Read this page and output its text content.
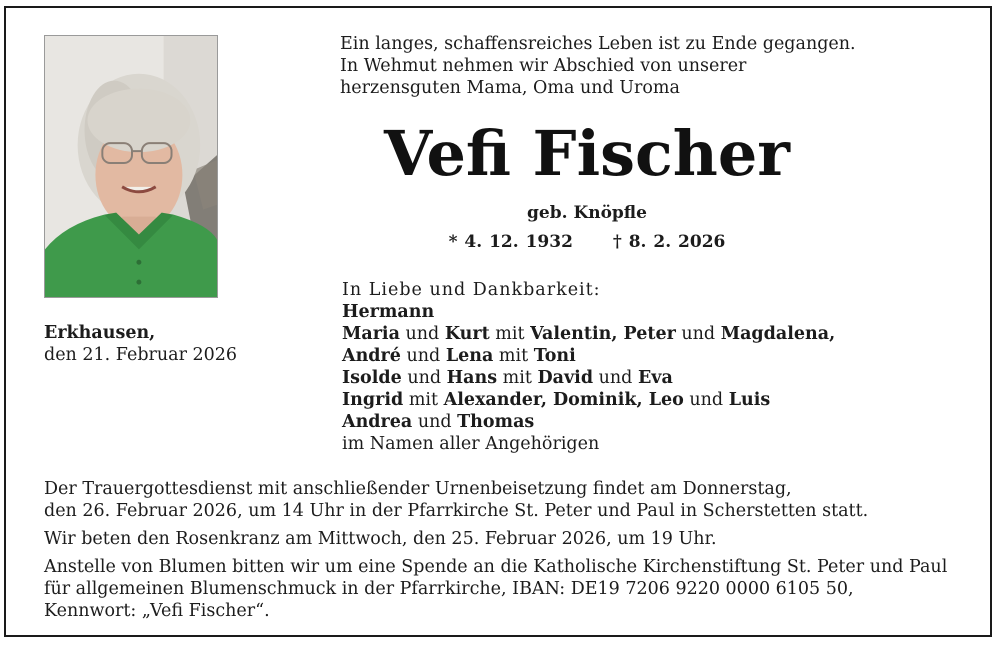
Ein langes, schaffensreiches Leben ist zu Ende gegangen.
In Wehmut nehmen wir Abschied von unserer
herzensguten Mama, Oma und Uroma
Vefi Fischer
geb. Knöpfle
* 4. 12. 1932 † 8. 2. 2026
Erkhausen,
den 21. Februar 2026
In Liebe und Dankbarkeit:
Hermann
Maria und Kurt mit Valentin, Peter und Magdalena,
André und Lena mit Toni
Isolde und Hans mit David und Eva
Ingrid mit Alexander, Dominik, Leo und Luis
Andrea und Thomas
im Namen aller Angehörigen

Der Trauergottesdienst mit anschließender Urnenbeisetzung findet am Donnerstag,
den 26. Februar 2026, um 14 Uhr in der Pfarrkirche St. Peter und Paul in Scherstetten statt.

Wir beten den Rosenkranz am Mittwoch, den 25. Februar 2026, um 19 Uhr.

Anstelle von Blumen bitten wir um eine Spende an die Katholische Kirchenstiftung St. Peter und Paul
für allgemeinen Blumenschmuck in der Pfarrkirche, IBAN: DE19 7206 9220 0000 6105 50,
Kennwort: „Vefi Fischer“.
